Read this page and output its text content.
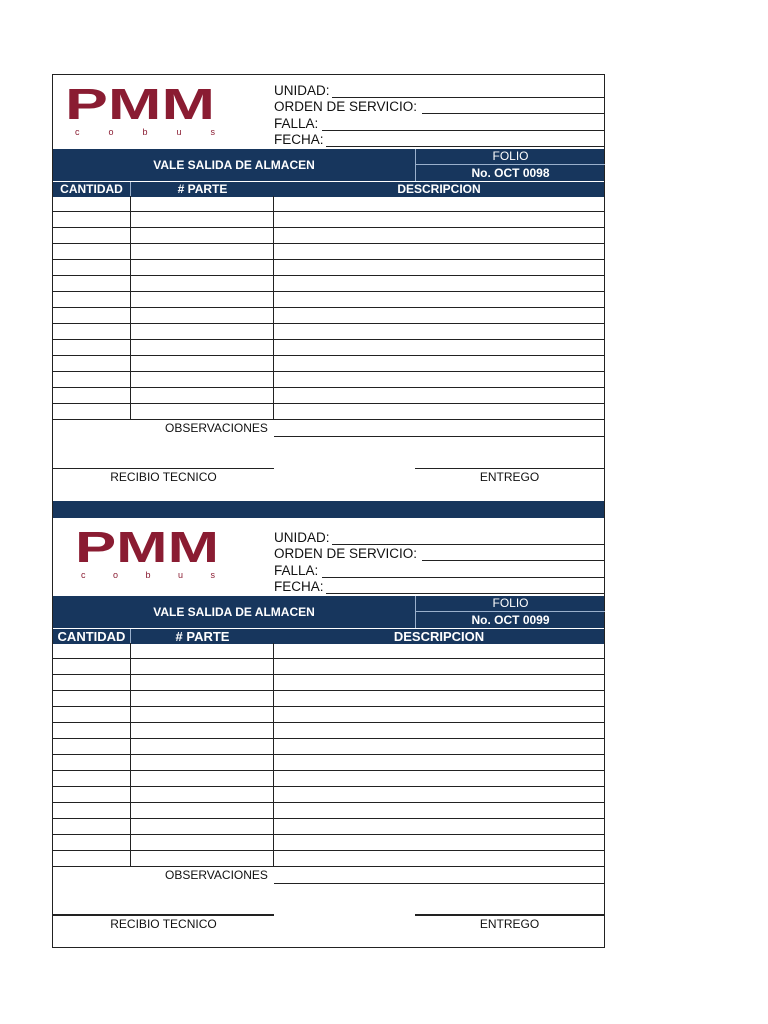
PMM
c o b u s
UNIDAD:
ORDEN DE SERVICIO:
FALLA:
FECHA:
VALE SALIDA DE ALMACEN
FOLIO
No. OCT 0098
CANTIDAD	# PARTE	DESCRIPCION
OBSERVACIONES
RECIBIO TECNICO	ENTREGO
PMM
c o b u s
UNIDAD:
ORDEN DE SERVICIO:
FALLA:
FECHA:
VALE SALIDA DE ALMACEN
FOLIO
No. OCT 0099
CANTIDAD	# PARTE	DESCRIPCION
OBSERVACIONES
RECIBIO TECNICO	ENTREGO
